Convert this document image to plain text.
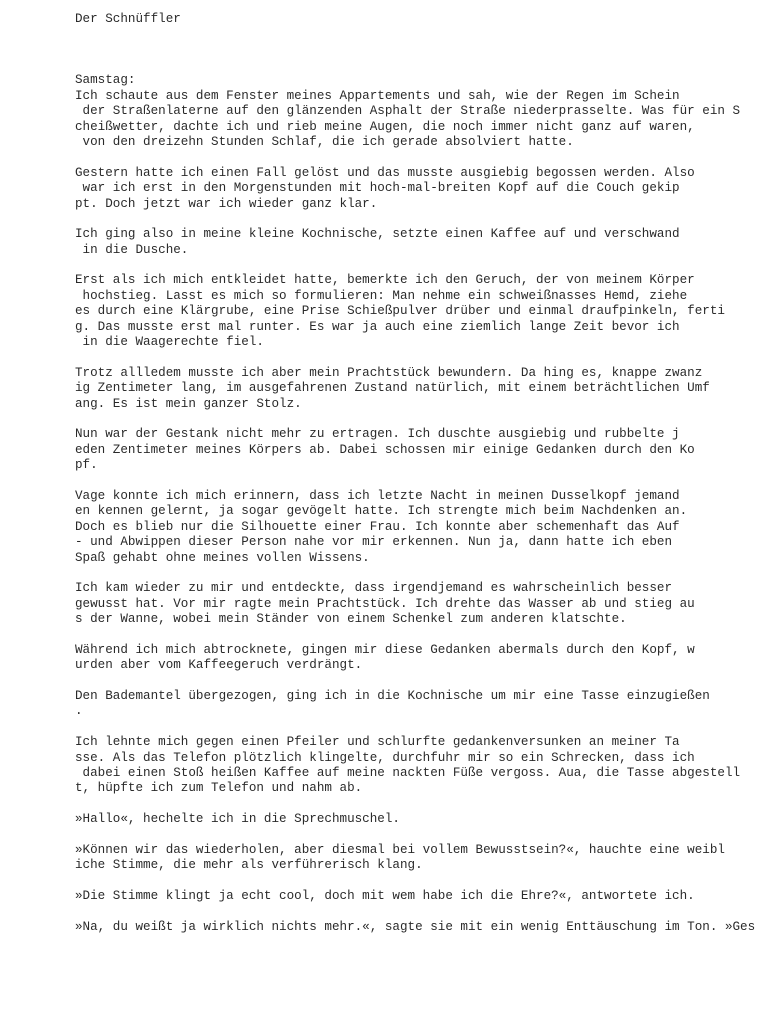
Der Schnüffler
Samstag:
Ich schaute aus dem Fenster meines Appartements und sah, wie der Regen im Schein
der Straßenlaterne auf den glänzenden Asphalt der Straße niederprasselte. Was für ein S
cheißwetter, dachte ich und rieb meine Augen, die noch immer nicht ganz auf waren,
von den dreizehn Stunden Schlaf, die ich gerade absolviert hatte.
Gestern hatte ich einen Fall gelöst und das musste ausgiebig begossen werden. Also
war ich erst in den Morgenstunden mit hoch-mal-breiten Kopf auf die Couch gekip
pt. Doch jetzt war ich wieder ganz klar.
Ich ging also in meine kleine Kochnische, setzte einen Kaffee auf und verschwand
in die Dusche.
Erst als ich mich entkleidet hatte, bemerkte ich den Geruch, der von meinem Körper
hochstieg. Lasst es mich so formulieren: Man nehme ein schweißnasses Hemd, ziehe
es durch eine Klärgrube, eine Prise Schießpulver drüber und einmal draufpinkeln, ferti
g. Das musste erst mal runter. Es war ja auch eine ziemlich lange Zeit bevor ich
in die Waagerechte fiel.
Trotz allledem musste ich aber mein Prachtstück bewundern. Da hing es, knappe zwanz
ig Zentimeter lang, im ausgefahrenen Zustand natürlich, mit einem beträchtlichen Umf
ang. Es ist mein ganzer Stolz.
Nun war der Gestank nicht mehr zu ertragen. Ich duschte ausgiebig und rubbelte j
eden Zentimeter meines Körpers ab. Dabei schossen mir einige Gedanken durch den Ko
pf.
Vage konnte ich mich erinnern, dass ich letzte Nacht in meinen Dusselkopf jemand
en kennen gelernt, ja sogar gevögelt hatte. Ich strengte mich beim Nachdenken an.
Doch es blieb nur die Silhouette einer Frau. Ich konnte aber schemenhaft das Auf
- und Abwippen dieser Person nahe vor mir erkennen. Nun ja, dann hatte ich eben
Spaß gehabt ohne meines vollen Wissens.
Ich kam wieder zu mir und entdeckte, dass irgendjemand es wahrscheinlich besser
gewusst hat. Vor mir ragte mein Prachtstück. Ich drehte das Wasser ab und stieg au
s der Wanne, wobei mein Ständer von einem Schenkel zum anderen klatschte.
Während ich mich abtrocknete, gingen mir diese Gedanken abermals durch den Kopf, w
urden aber vom Kaffeegeruch verdrängt.
Den Bademantel übergezogen, ging ich in die Kochnische um mir eine Tasse einzugießen
.
Ich lehnte mich gegen einen Pfeiler und schlurfte gedankenversunken an meiner Ta
sse. Als das Telefon plötzlich klingelte, durchfuhr mir so ein Schrecken, dass ich
dabei einen Stoß heißen Kaffee auf meine nackten Füße vergoss. Aua, die Tasse abgestell
t, hüpfte ich zum Telefon und nahm ab.
»Hallo«, hechelte ich in die Sprechmuschel.
»Können wir das wiederholen, aber diesmal bei vollem Bewusstsein?«, hauchte eine weibl
iche Stimme, die mehr als verführerisch klang.
»Die Stimme klingt ja echt cool, doch mit wem habe ich die Ehre?«, antwortete ich.
»Na, du weißt ja wirklich nichts mehr.«, sagte sie mit ein wenig Enttäuschung im Ton. »Ges
